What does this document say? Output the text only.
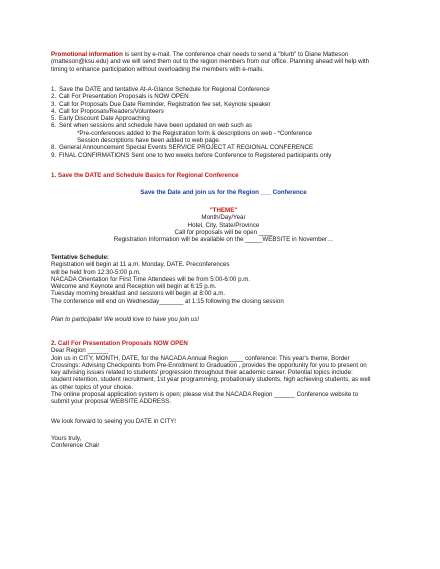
Promotional information is sent by e-mail. The conference chair needs to send a "blurb" to Diane Matteson

(matteson@ksu.edu) and we will send them out to the region members from our office. Planning ahead will help with

timing to enhance participation without overloading the members with e-mails.

1. Save the DATE and tentative At-A-Glance Schedule for Regional Conference
2. Call For Presentation Proposals is NOW OPEN
3. Call for Proposals Due Date Reminder, Registration fee set, Keynote speaker
4. Call for Proposals/Readers/Volunteers
5. Early Discount Date Approaching
6. Sent when sessions and schedule have been updated on web such as

*Pre-conferences added to the Registration form & descriptions on web - *Conference

Session descriptions have been added to web page.

8. General Announcement Special Events SERVICE PROJECT AT REGIONAL CONFERENCE
9. FINAL CONFIRMATIONS Sent one to two weeks before Conference to Registered participants only

1. Save the DATE and Schedule Basics for Regional Conference

Save the Date and join us for the Region ___ Conference

"THEME"

Month/Day/Year

Hotel, City, State/Province

Call for proposals will be open ____

Registration Information will be available on the _____WEBSITE in November…

Tentative Schedule:

Registration will begin at 11 a.m. Monday, DATE. Preconferences

will be held from 12:30-5:00 p.m.

NACADA Orientation for First Time Attendees will be from 5:00-6:00 p.m.

Welcome and Keynote and Reception will begin at 6:15 p.m.

Tuesday morning breakfast and sessions will begin at 8:00 a.m.

The conference will end on Wednesday_______ at 1:15 following the closing session

Plan to participate! We would love to have you join us!

2. Call For Presentation Proposals NOW OPEN

Dear Region ______:

Join us in CITY, MONTH, DATE, for the NACADA Annual Region ____ conference: This year's theme, Border

Crossings: Advising Checkpoints from Pre-Enrollment to Graduation , provides the opportunity for you to present on

key advising issues related to students' progression throughout their academic career. Potential topics include:

student retention, student recruitment, 1st year programming, probationary students, high achieving students, as well

as other topics of your choice.

The online proposal application system is open; please visit the NACADA Region ______ Conference website to

submit your proposal WEBSITE ADDRESS.

We look forward to seeing you DATE in CITY!

Yours truly,

Conference Chair
